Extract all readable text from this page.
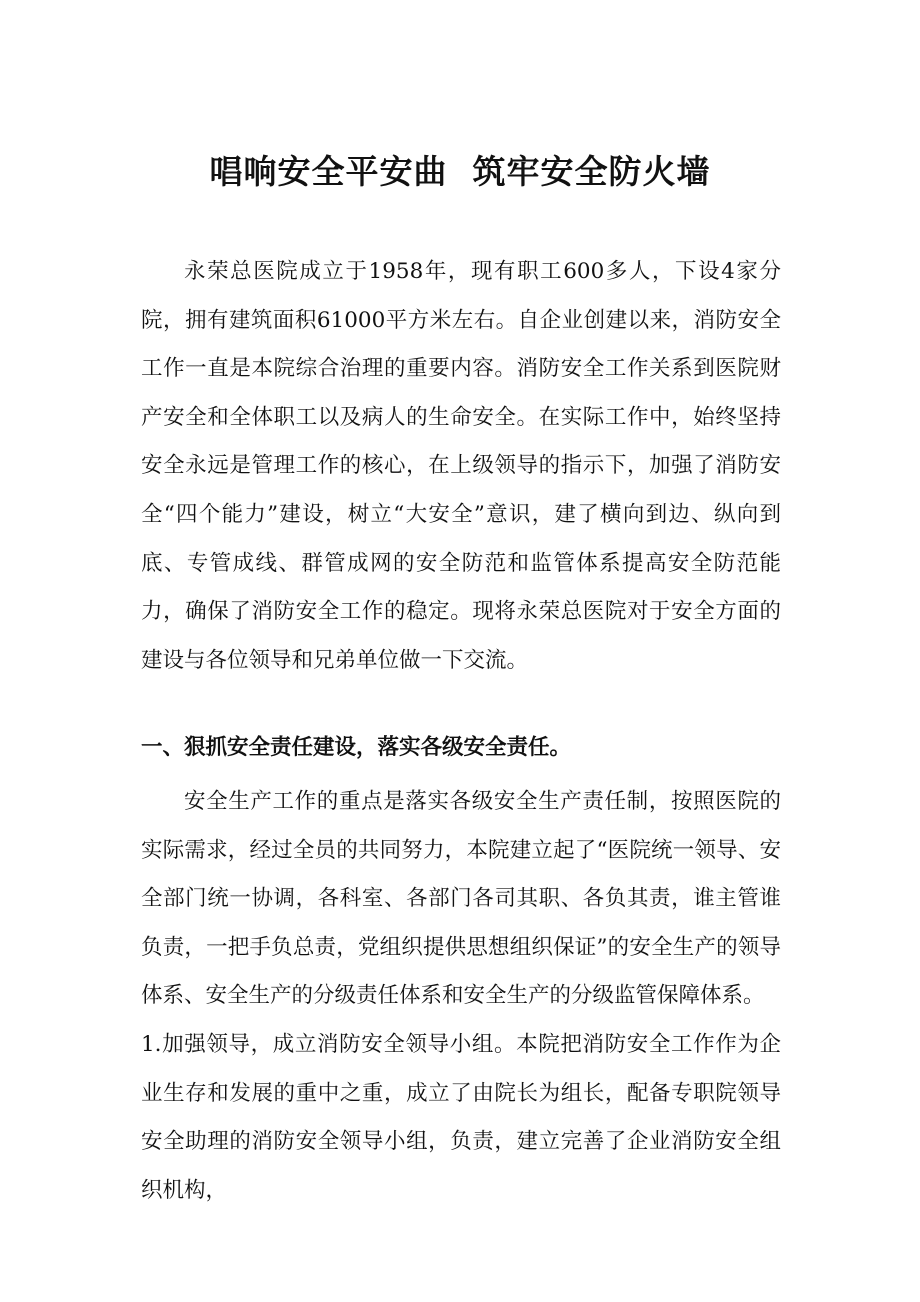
唱响安全平安曲  筑牢安全防火墙
永荣总医院成立于1958年，现有职工600多人，下设4家分院，拥有建筑面积61000平方米左右。自企业创建以来，消防安全工作一直是本院综合治理的重要内容。消防安全工作关系到医院财产安全和全体职工以及病人的生命安全。在实际工作中，始终坚持安全永远是管理工作的核心，在上级领导的指示下，加强了消防安全“四个能力”建设，树立“大安全”意识，建了横向到边、纵向到底、专管成线、群管成网的安全防范和监管体系提高安全防范能力，确保了消防安全工作的稳定。现将永荣总医院对于安全方面的建设与各位领导和兄弟单位做一下交流。
一、狠抓安全责任建设，落实各级安全责任。
安全生产工作的重点是落实各级安全生产责任制，按照医院的实际需求，经过全员的共同努力，本院建立起了“医院统一领导、安全部门统一协调，各科室、各部门各司其职、各负其责，谁主管谁负责，一把手负总责，党组织提供思想组织保证”的安全生产的领导体系、安全生产的分级责任体系和安全生产的分级监管保障体系。
1.加强领导，成立消防安全领导小组。本院把消防安全工作作为企业生存和发展的重中之重，成立了由院长为组长，配备专职院领导安全助理的消防安全领导小组，负责，建立完善了企业消防安全组织机构，
